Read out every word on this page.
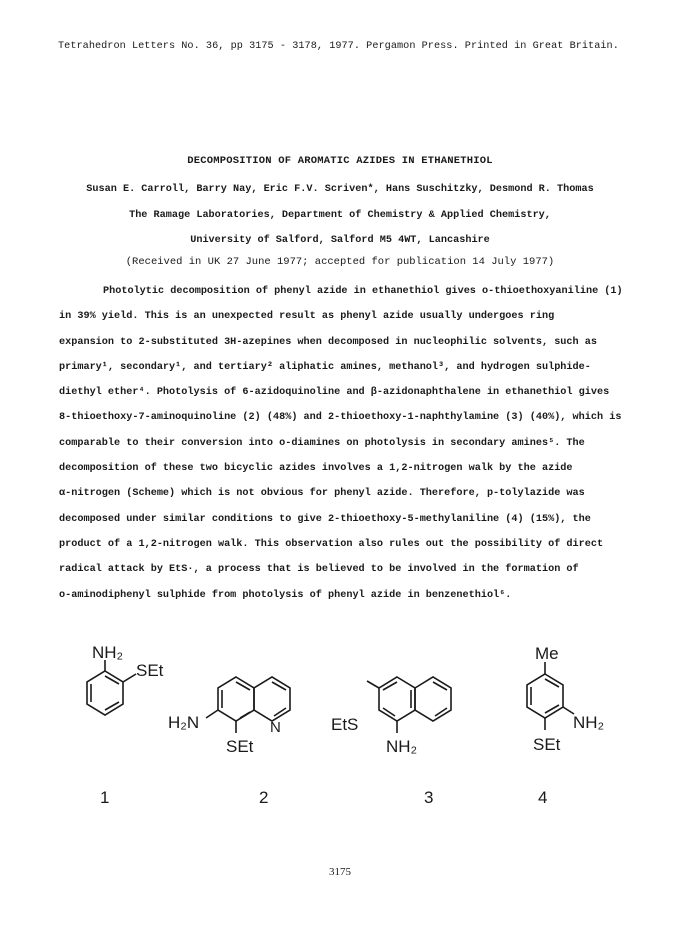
Tetrahedron Letters No. 36, pp 3175 - 3178, 1977. Pergamon Press. Printed in Great Britain.
DECOMPOSITION OF AROMATIC AZIDES IN ETHANETHIOL
Susan E. Carroll, Barry Nay, Eric F.V. Scriven*, Hans Suschitzky, Desmond R. Thomas
The Ramage Laboratories, Department of Chemistry & Applied Chemistry,
University of Salford, Salford M5 4WT, Lancashire
(Received in UK 27 June 1977; accepted for publication 14 July 1977)
Photolytic decomposition of phenyl azide in ethanethiol gives o-thioethoxyaniline (1)
in 39% yield. This is an unexpected result as phenyl azide usually undergoes ring
expansion to 2-substituted 3H-azepines when decomposed in nucleophilic solvents, such as
primary¹, secondary¹, and tertiary² aliphatic amines, methanol³, and hydrogen sulphide-
diethyl ether⁴. Photolysis of 6-azidoquinoline and β-azidonaphthalene in ethanethiol gives
8-thioethoxy-7-aminoquinoline (2) (48%) and 2-thioethoxy-1-naphthylamine (3) (40%), which is
comparable to their conversion into o-diamines on photolysis in secondary amines⁵. The
decomposition of these two bicyclic azides involves a 1,2-nitrogen walk by the azide
α-nitrogen (Scheme) which is not obvious for phenyl azide. Therefore, p-tolylazide was
decomposed under similar conditions to give 2-thioethoxy-5-methylaniline (4) (15%), the
product of a 1,2-nitrogen walk. This observation also rules out the possibility of direct
radical attack by EtS·, a process that is believed to be involved in the formation of
o-aminodiphenyl sulphide from photolysis of phenyl azide in benzenethiol⁶.
NH₂
SEt
H₂N
SEt
N	EtS
NH₂
Me
NH₂
SEt
1	2	3	4
3175
